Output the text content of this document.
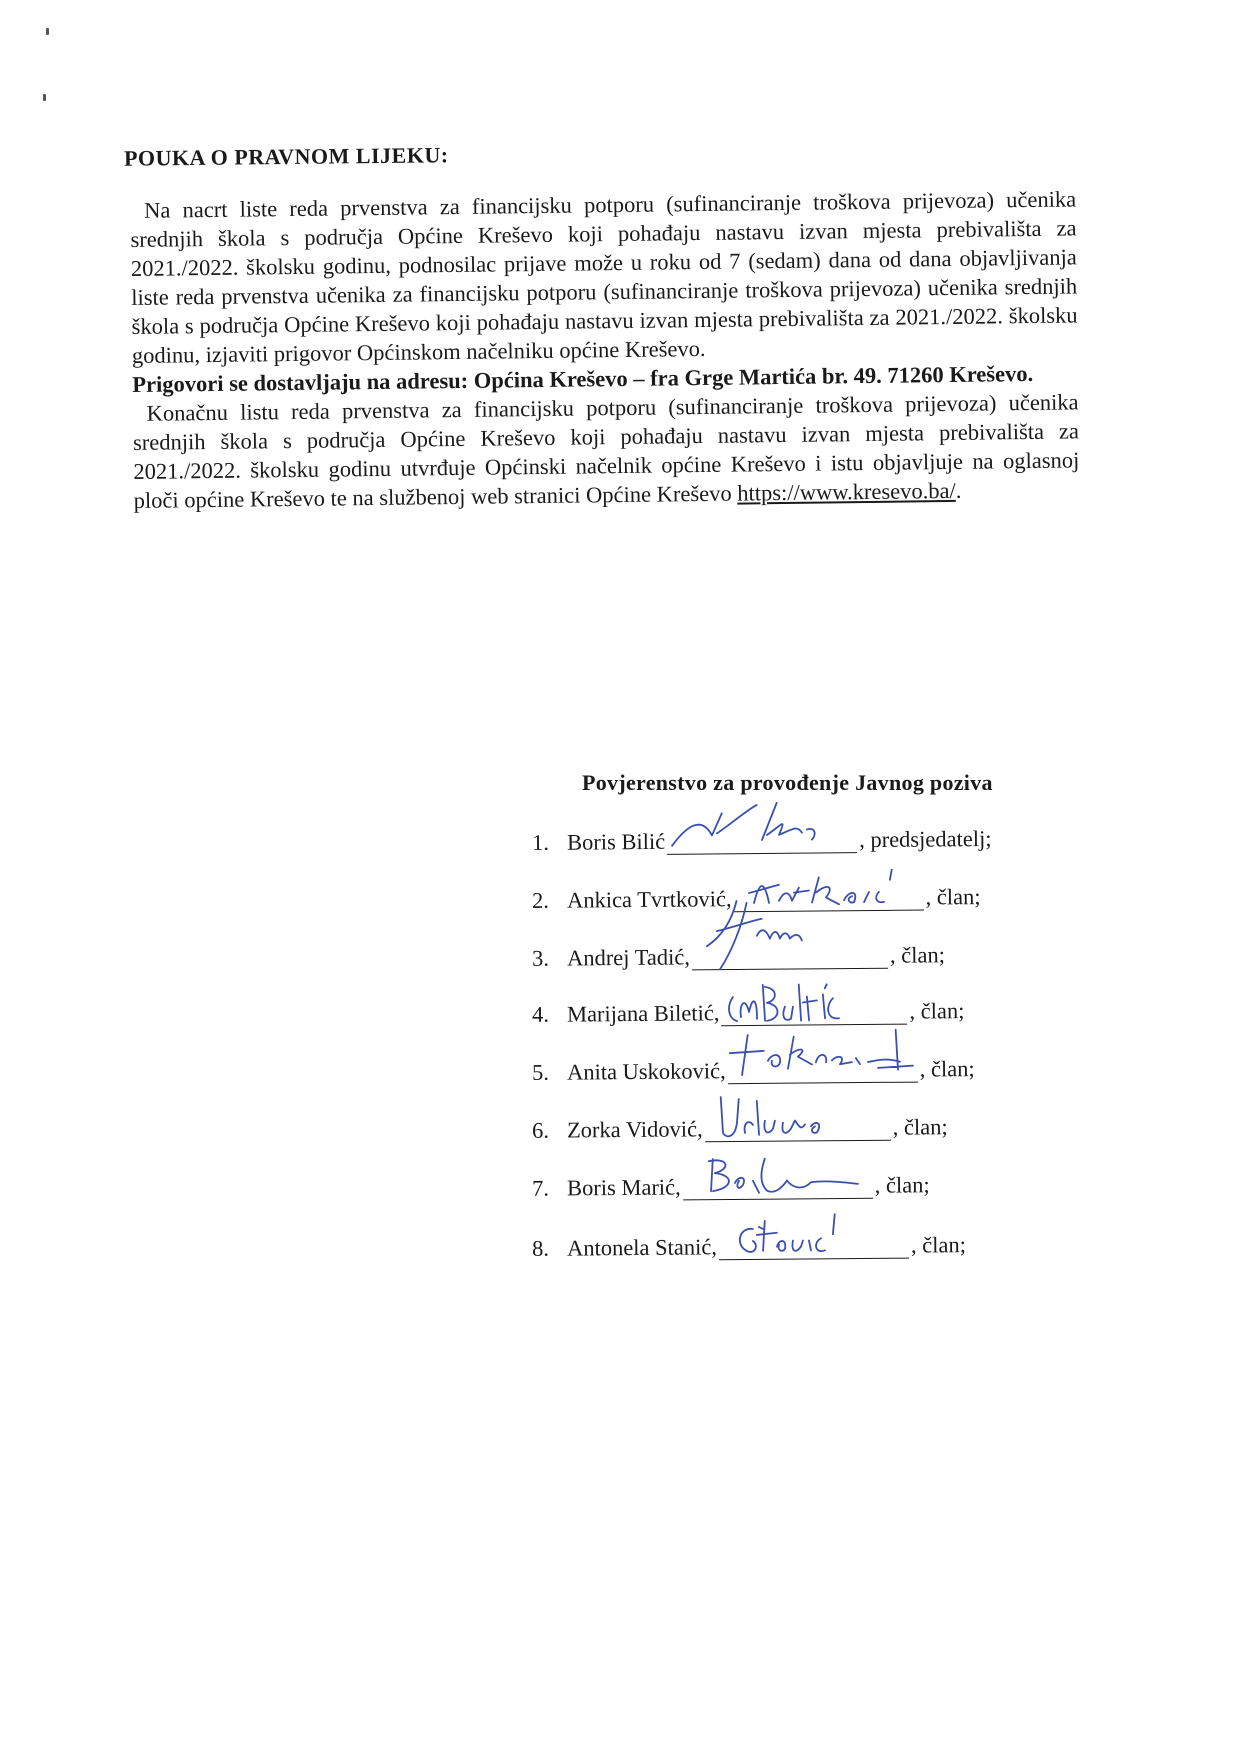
POUKA O PRAVNOM LIJEKU:

Na nacrt liste reda prvenstva za financijsku potporu (sufinanciranje troškova prijevoza) učenika srednjih škola s područja Općine Kreševo koji pohađaju nastavu izvan mjesta prebivališta za 2021./2022. školsku godinu, podnosilac prijave može u roku od 7 (sedam) dana od dana objavljivanja liste reda prvenstva učenika za financijsku potporu (sufinanciranje troškova prijevoza) učenika srednjih škola s područja Općine Kreševo koji pohađaju nastavu izvan mjesta prebivališta za 2021./2022. školsku godinu, izjaviti prigovor Općinskom načelniku općine Kreševo.

Prigovori se dostavljaju na adresu: Općina Kreševo – fra Grge Martića br. 49. 71260 Kreševo.

Konačnu listu reda prvenstva za financijsku potporu (sufinanciranje troškova prijevoza) učenika srednjih škola s područja Općine Kreševo koji pohađaju nastavu izvan mjesta prebivališta za 2021./2022. školsku godinu utvrđuje Općinski načelnik općine Kreševo i istu objavljuje na oglasnoj ploči općine Kreševo te na službenoj web stranici Općine Kreševo https://www.kresevo.ba/.

Povjerenstvo za provođenje Javnog poziva
1. Boris Bilić	, predsjedatelj;
2. Ankica Tvrtković,	, član;
3. Andrej Tadić,	, član;
4. Marijana Biletić,	, član;
5. Anita Uskoković,	, član;
6. Zorka Vidović,	, član;
7. Boris Marić,	, član;
8. Antonela Stanić,	, član;
